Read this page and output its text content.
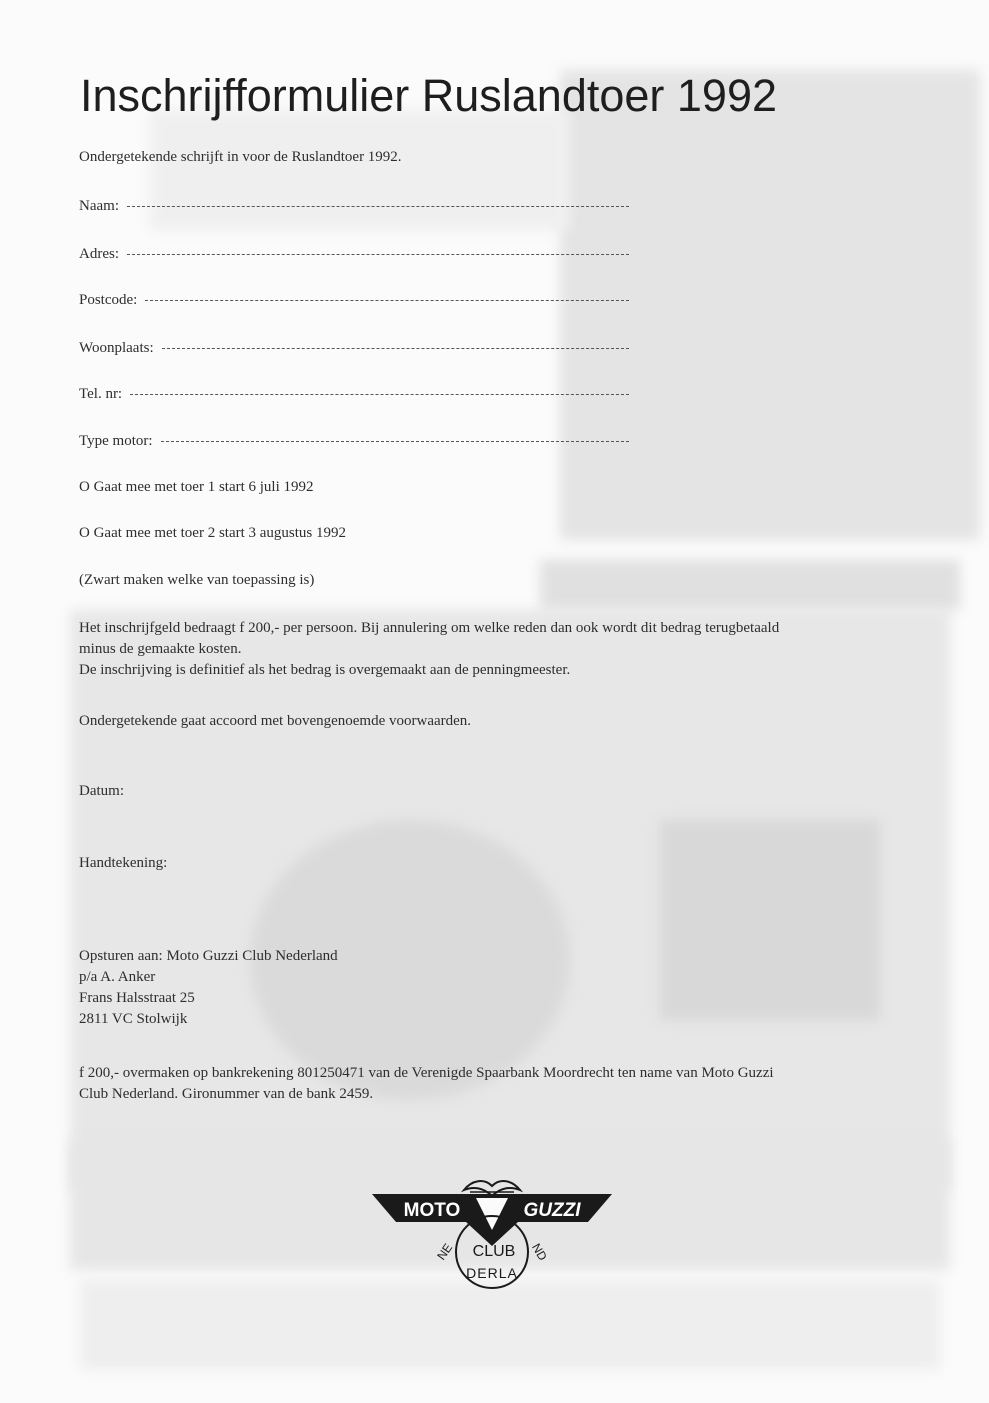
Inschrijfformulier Ruslandtoer 1992
Ondergetekende schrijft in voor de Ruslandtoer 1992.
Naam:
Adres:
Postcode:
Woonplaats:
Tel. nr:
Type motor:
O Gaat mee met toer 1 start 6 juli 1992
O Gaat mee met toer 2 start 3 augustus 1992
(Zwart maken welke van toepassing is)
Het inschrijfgeld bedraagt f 200,- per persoon. Bij annulering om welke reden dan ook wordt dit bedrag terugbetaald
minus de gemaakte kosten.
De inschrijving is definitief als het bedrag is overgemaakt aan de penningmeester.
Ondergetekende gaat accoord met bovengenoemde voorwaarden.
Datum:
Handtekening:
Opsturen aan: Moto Guzzi Club Nederland
p/a A. Anker
Frans Halsstraat 25
2811 VC Stolwijk
f 200,- overmaken op bankrekening 801250471 van de Verenigde Spaarbank Moordrecht ten name van Moto Guzzi
Club Nederland. Gironummer van de bank 2459.
MOTO	GUZZI
CLUB
NE
DERLA
ND
